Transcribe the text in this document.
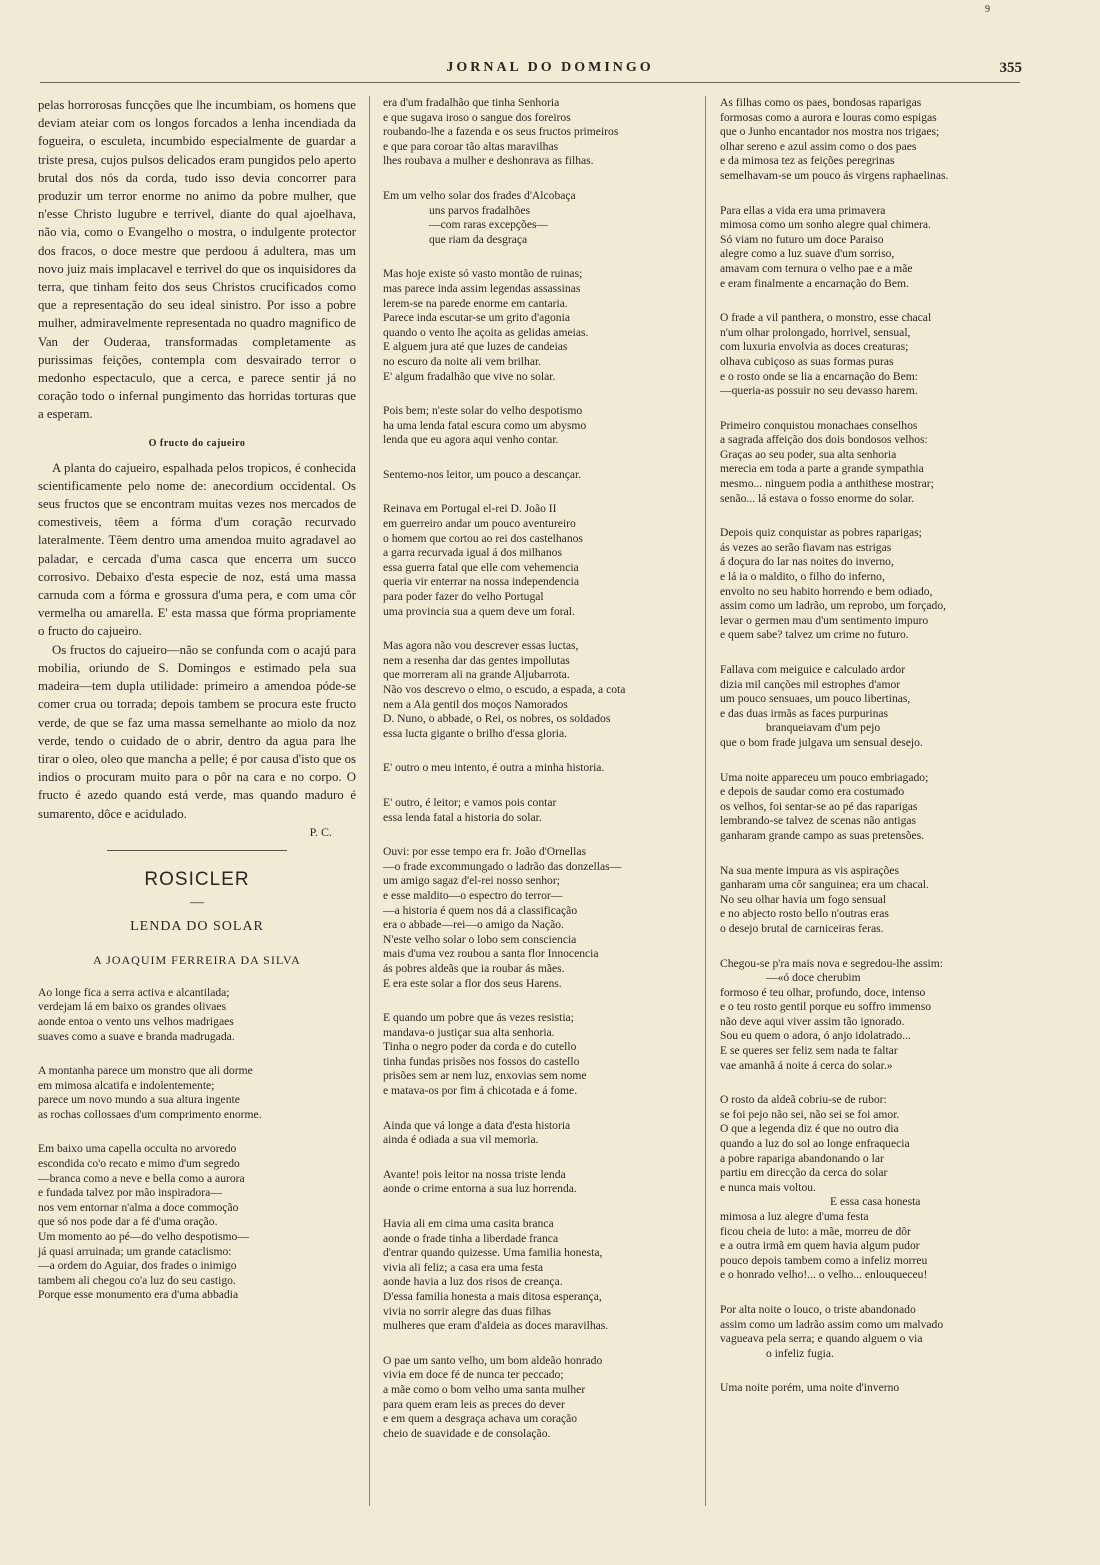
9
JORNAL DO DOMINGO	355

pelas horrorosas funcções que lhe incumbiam, os homens que deviam ateiar com os longos forcados a lenha incendiada da fogueira, o esculeta, incumbido especialmente de guardar a triste presa, cujos pulsos delicados eram pungidos pelo aperto brutal dos nós da corda, tudo isso devia concorrer para produzir um terror enorme no animo da pobre mulher, que n'esse Christo lugubre e terrivel, diante do qual ajoelhava, não via, como o Evangelho o mostra, o indulgente protector dos fracos, o doce mestre que perdoou á adultera, mas um novo juiz mais implacavel e terrivel do que os inquisidores da terra, que tinham feito dos seus Christos crucificados como que a representação do seu ideal sinistro. Por isso a pobre mulher, admiravelmente representada no quadro magnifico de Van der Ouderaa, transformadas completamente as purissimas feições, contempla com desvairado terror o medonho espectaculo, que a cerca, e parece sentir já no coração todo o infernal pungimento das horridas torturas que a esperam.

O fructo do cajueiro

A planta do cajueiro, espalhada pelos tropicos, é conhecida scientificamente pelo nome de: anecordium occidental. Os seus fructos que se encontram muitas vezes nos mercados de comestiveis, têem a fórma d'um coração recurvado lateralmente. Têem dentro uma amendoa muito agradavel ao paladar, e cercada d'uma casca que encerra um succo corrosivo. Debaixo d'esta especie de noz, está uma massa carnuda com a fórma e grossura d'uma pera, e com uma côr vermelha ou amarella. E' esta massa que fórma propriamente o fructo do cajueiro.

Os fructos do cajueiro—não se confunda com o acajú para mobilia, oriundo de S. Domingos e estimado pela sua madeira—tem dupla utilidade: primeiro a amendoa póde-se comer crua ou torrada; depois tambem se procura este fructo verde, de que se faz uma massa semelhante ao miolo da noz verde, tendo o cuidado de o abrir, dentro da agua para lhe tirar o oleo, oleo que mancha a pelle; é por causa d'isto que os indios o procuram muito para o pôr na cara e no corpo. O fructo é azedo quando está verde, mas quando maduro é sumarento, dôce e acidulado.

P. C.
ROSICLER
—
LENDA DO SOLAR
A JOAQUIM FERREIRA DA SILVA
Ao longe fica a serra activa e alcantilada;
verdejam lá em baixo os grandes olivaes
aonde entoa o vento uns velhos madrigaes
suaves como a suave e branda madrugada.
A montanha parece um monstro que ali dorme
em mimosa alcatifa e indolentemente;
parece um novo mundo a sua altura ingente
as rochas collossaes d'um comprimento enorme.
Em baixo uma capella occulta no arvoredo
escondida co'o recato e mimo d'um segredo
—branca como a neve e bella como a aurora
e fundada talvez por mão inspiradora—
nos vem entornar n'alma a doce commoção
que só nos pode dar a fé d'uma oração.
Um momento ao pé—do velho despotismo—
já quasi arruinada; um grande cataclismo:
—a ordem do Aguiar, dos frades o inimigo
tambem ali chegou co'a luz do seu castigo.
Porque esse monumento era d'uma abbadia
era d'um fradalhão que tinha Senhoria
e que sugava iroso o sangue dos foreiros
roubando-lhe a fazenda e os seus fructos primeiros
e que para coroar tão altas maravilhas
lhes roubava a mulher e deshonrava as filhas.
Em um velho solar dos frades d'Alcobaça
uns parvos fradalhões
—com raras excepções—
que riam da desgraça
Mas hoje existe só vasto montão de ruinas;
mas parece inda assim legendas assassinas
lerem-se na parede enorme em cantaria.
Parece inda escutar-se um grito d'agonia
quando o vento lhe açoita as gelidas ameias.
E alguem jura até que luzes de candeias
no escuro da noite ali vem brilhar.
E' algum fradalhão que vive no solar.
Pois bem; n'este solar do velho despotismo
ha uma lenda fatal escura como um abysmo
lenda que eu agora aqui venho contar.
Sentemo-nos leitor, um pouco a descançar.
Reinava em Portugal el-rei D. João II
em guerreiro andar um pouco aventureiro
o homem que cortou ao rei dos castelhanos
a garra recurvada igual á dos milhanos
essa guerra fatal que elle com vehemencia
queria vir enterrar na nossa independencia
para poder fazer do velho Portugal
uma provincia sua a quem deve um foral.
Mas agora não vou descrever essas luctas,
nem a resenha dar das gentes impollutas
que morreram ali na grande Aljubarrota.
Não vos descrevo o elmo, o escudo, a espada, a cota
nem a Ala gentil dos moços Namorados
D. Nuno, o abbade, o Rei, os nobres, os soldados
essa lucta gigante o brilho d'essa gloria.
E' outro o meu intento, é outra a minha historia.
E' outro, é leitor; e vamos pois contar
essa lenda fatal a historia do solar.
Ouvi: por esse tempo era fr. João d'Ornellas
—o frade excommungado o ladrão das donzellas—
um amigo sagaz d'el-rei nosso senhor;
e esse maldito—o espectro do terror—
—a historia é quem nos dá a classificação
era o abbade—rei—o amigo da Nação.
N'este velho solar o lobo sem consciencia
mais d'uma vez roubou a santa flor Innocencia
ás pobres aldeãs que ia roubar ás mães.
E era este solar a flor dos seus Harens.
E quando um pobre que ás vezes resistia;
mandava-o justiçar sua alta senhoria.
Tinha o negro poder da corda e do cutello
tinha fundas prisões nos fossos do castello
prisões sem ar nem luz, enxovias sem nome
e matava-os por fim á chicotada e á fome.
Ainda que vá longe a data d'esta historia
ainda é odiada a sua vil memoria.
Avante! pois leitor na nossa triste lenda
aonde o crime entorna a sua luz horrenda.
Havia ali em cima uma casita branca
aonde o frade tinha a liberdade franca
d'entrar quando quizesse. Uma familia honesta,
vivia ali feliz; a casa era uma festa
aonde havia a luz dos risos de creança.
D'essa familia honesta a mais ditosa esperança,
vivia no sorrir alegre das duas filhas
mulheres que eram d'aldeia as doces maravilhas.
O pae um santo velho, um bom aldeão honrado
vivia em doce fé de nunca ter peccado;
a mãe como o bom velho uma santa mulher
para quem eram leis as preces do dever
e em quem a desgraça achava um coração
cheio de suavidade e de consolação.
As filhas como os paes, bondosas raparigas
formosas como a aurora e louras como espigas
que o Junho encantador nos mostra nos trigaes;
olhar sereno e azul assim como o dos paes
e da mimosa tez as feições peregrinas
semelhavam-se um pouco ás virgens raphaelinas.
Para ellas a vida era uma primavera
mimosa como um sonho alegre qual chimera.
Só viam no futuro um doce Paraiso
alegre como a luz suave d'um sorriso,
amavam com ternura o velho pae e a mãe
e eram finalmente a encarnação do Bem.
O frade a vil panthera, o monstro, esse chacal
n'um olhar prolongado, horrivel, sensual,
com luxuria envolvia as doces creaturas;
olhava cubiçoso as suas formas puras
e o rosto onde se lia a encarnação do Bem:
—queria-as possuir no seu devasso harem.
Primeiro conquistou monachaes conselhos
a sagrada affeição dos dois bondosos velhos:
Graças ao seu poder, sua alta senhoria
merecia em toda a parte a grande sympathia
mesmo... ninguem podia a anthithese mostrar;
senão... lá estava o fosso enorme do solar.
Depois quiz conquistar as pobres raparigas;
ás vezes ao serão fiavam nas estrigas
á doçura do lar nas noites do inverno,
e lá ia o maldito, o filho do inferno,
envolto no seu habito horrendo e bem odiado,
assim como um ladrão, um reprobo, um forçado,
levar o germen mau d'um sentimento impuro
e quem sabe? talvez um crime no futuro.
Fallava com meiguice e calculado ardor
dizia mil canções mil estrophes d'amor
um pouco sensuaes, um pouco libertinas,
e das duas irmãs as faces purpurinas
branqueiavam d'um pejo
que o bom frade julgava um sensual desejo.
Uma noite appareceu um pouco embriagado;
e depois de saudar como era costumado
os velhos, foi sentar-se ao pé das raparigas
lembrando-se talvez de scenas não antigas
ganharam grande campo as suas pretensões.
Na sua mente impura as vis aspirações
ganharam uma côr sanguinea; era um chacal.
No seu olhar havia um fogo sensual
e no abjecto rosto bello n'outras eras
o desejo brutal de carniceiras feras.
Chegou-se p'ra mais nova e segredou-lhe assim:
—«ó doce cherubim
formoso é teu olhar, profundo, doce, intenso
e o teu rosto gentil porque eu soffro immenso
não deve aqui viver assim tão ignorado.
Sou eu quem o adora, ó anjo idolatrado...
E se queres ser feliz sem nada te faltar
vae amanhã á noite á cerca do solar.»
O rosto da aldeã cobriu-se de rubor:
se foi pejo não sei, não sei se foi amor.
O que a legenda diz é que no outro dia
quando a luz do sol ao longe enfraquecia
a pobre rapariga abandonando o lar
partiu em direcção da cerca do solar
e nunca mais voltou.
E essa casa honesta
mimosa a luz alegre d'uma festa
ficou cheia de luto: a mãe, morreu de dôr
e a outra irmã em quem havia algum pudor
pouco depois tambem como a infeliz morreu
e o honrado velho!... o velho... enlouqueceu!
Por alta noite o louco, o triste abandonado
assim como um ladrão assim como um malvado
vagueava pela serra; e quando alguem o via
o infeliz fugia.
Uma noite porém, uma noite d'inverno
